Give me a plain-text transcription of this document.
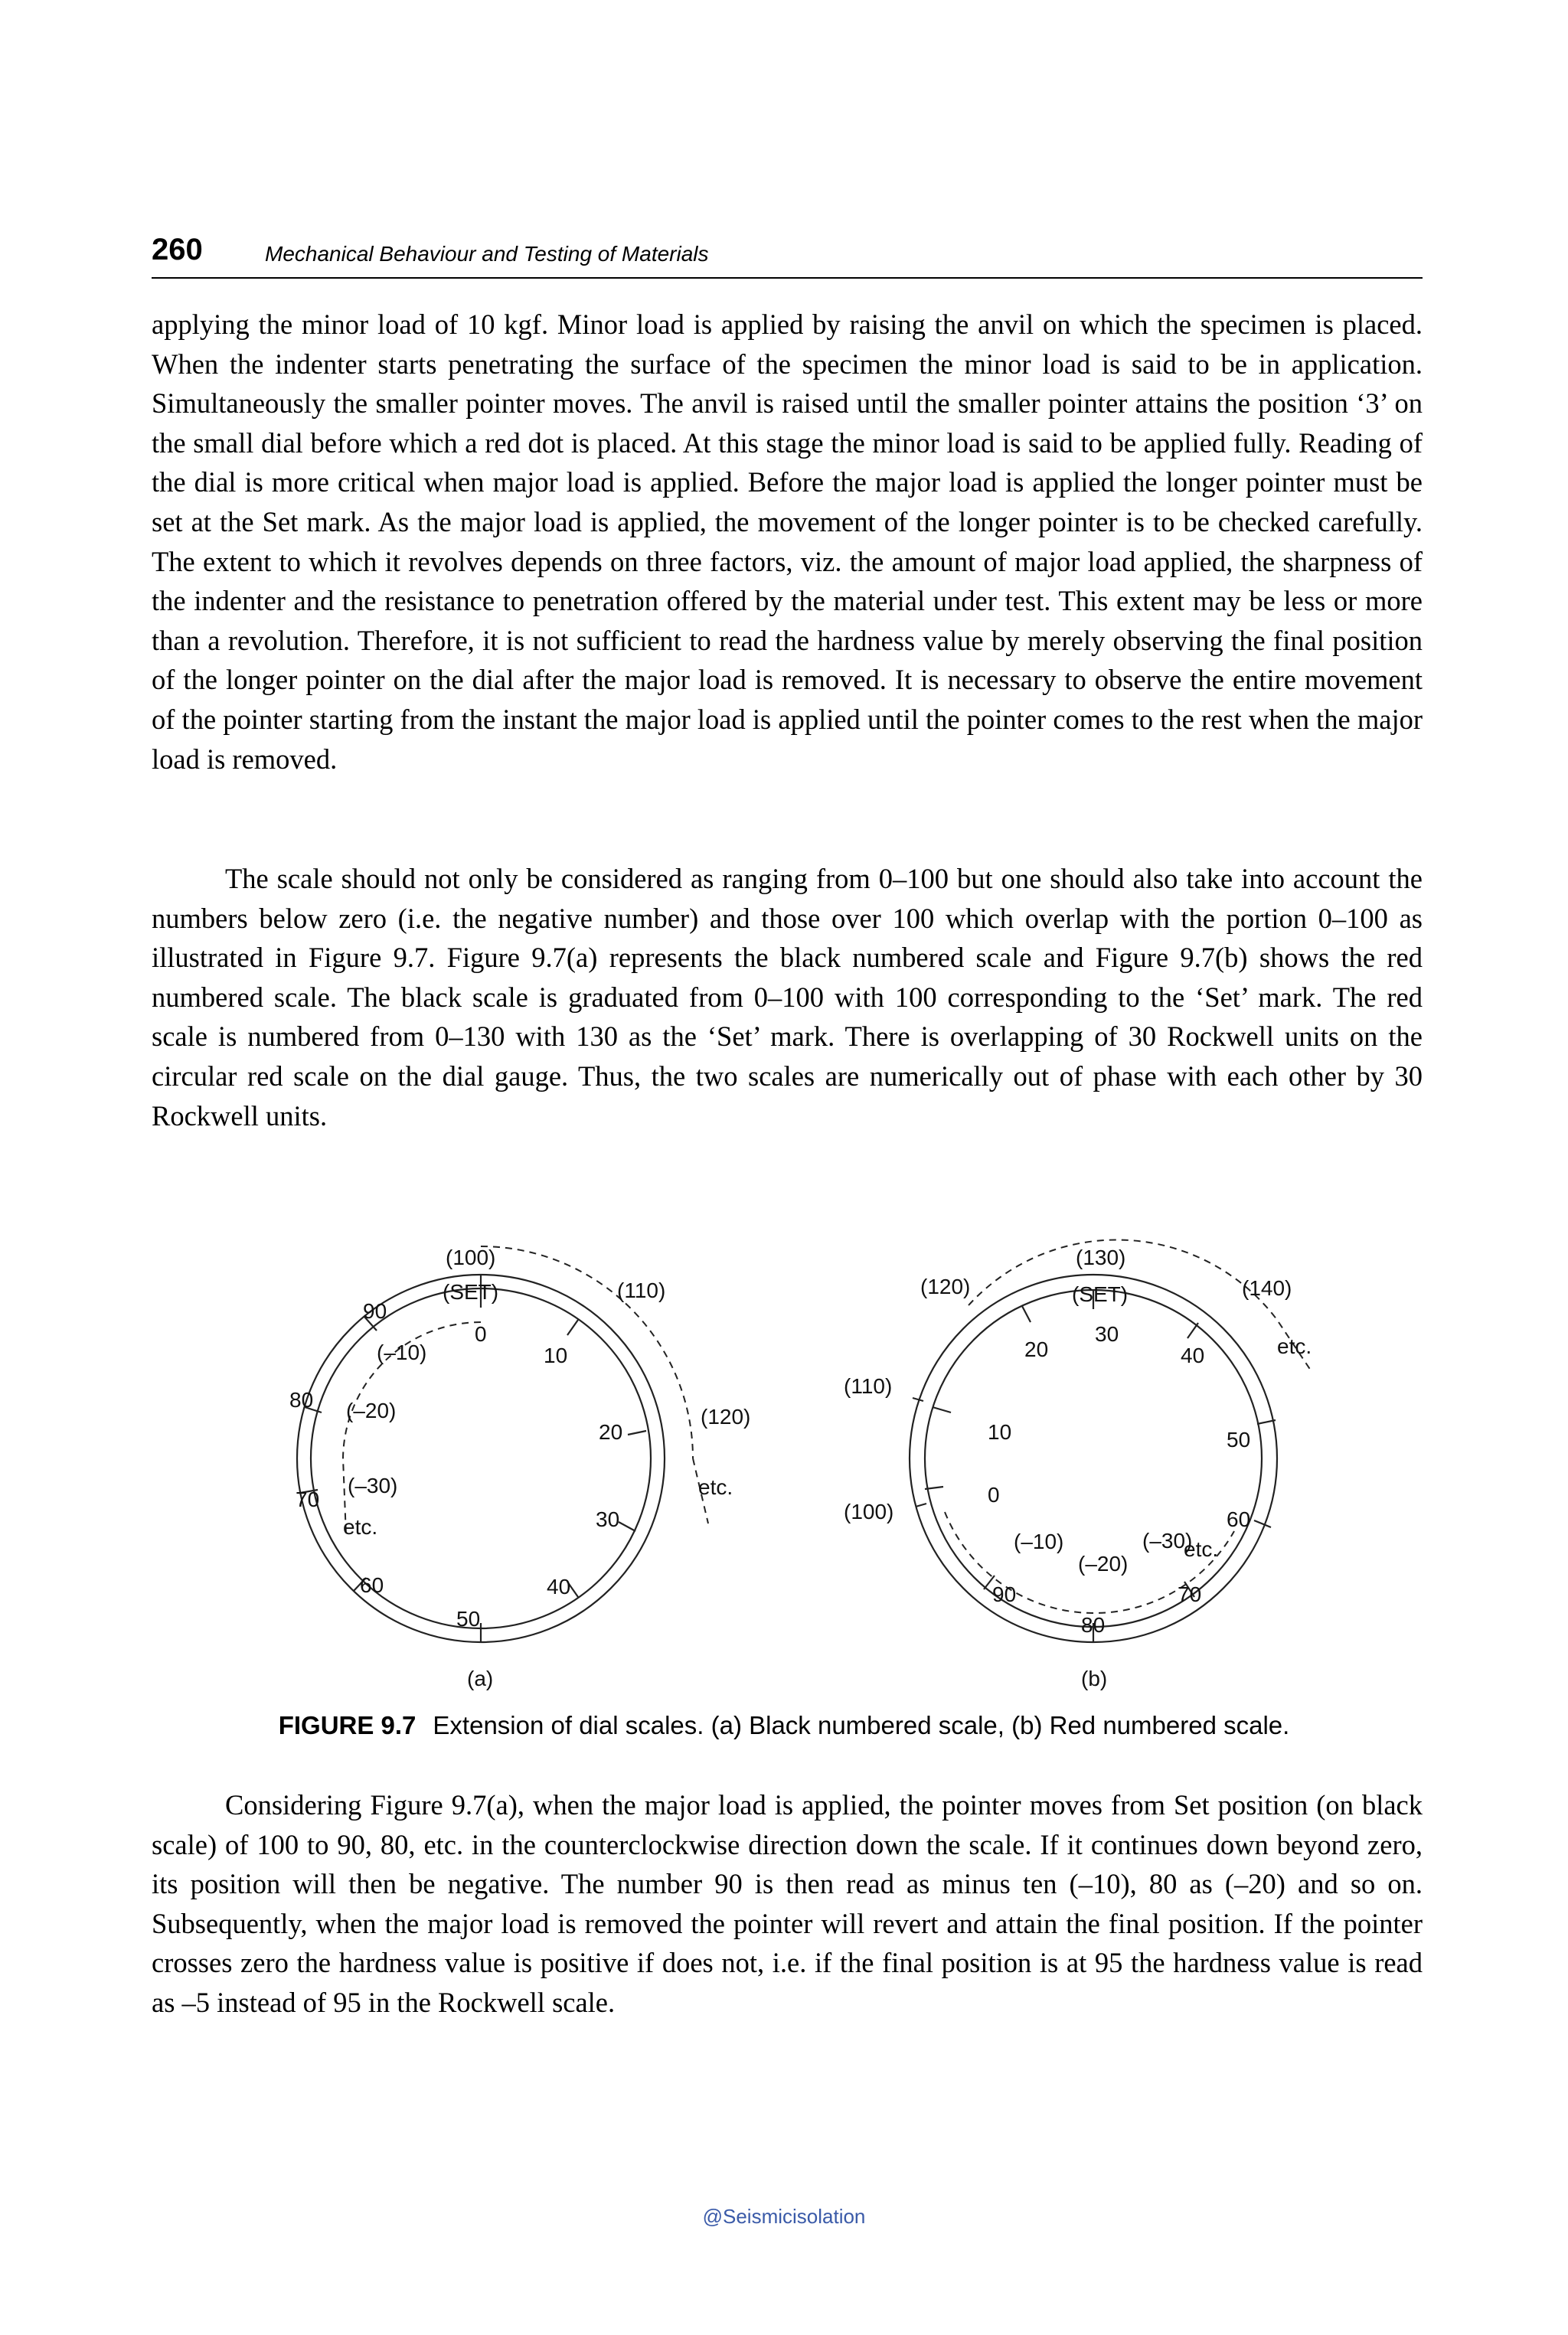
260	Mechanical Behaviour and Testing of Materials

applying the minor load of 10 kgf. Minor load is applied by raising the anvil on which the specimen is placed. When the indenter starts penetrating the surface of the specimen the minor load is said to be in application. Simultaneously the smaller pointer moves. The anvil is raised until the smaller pointer attains the position ‘3’ on the small dial before which a red dot is placed. At this stage the minor load is said to be applied fully. Reading of the dial is more critical when major load is applied. Before the major load is applied the longer pointer must be set at the Set mark. As the major load is applied, the movement of the longer pointer is to be checked carefully. The extent to which it revolves depends on three factors, viz. the amount of major load applied, the sharpness of the indenter and the resistance to penetration offered by the material under test. This extent may be less or more than a revolution. Therefore, it is not sufficient to read the hardness value by merely observing the final position of the longer pointer on the dial after the major load is removed. It is necessary to observe the entire movement of the pointer starting from the instant the major load is applied until the pointer comes to the rest when the major load is removed.

The scale should not only be considered as ranging from 0–100 but one should also take into account the numbers below zero (i.e. the negative number) and those over 100 which overlap with the portion 0–100 as illustrated in Figure 9.7. Figure 9.7(a) represents the black numbered scale and Figure 9.7(b) shows the red numbered scale. The black scale is graduated from 0–100 with 100 corresponding to the ‘Set’ mark. The red scale is numbered from 0–130 with 130 as the ‘Set’ mark. There is overlapping of 30 Rockwell units on the circular red scale on the dial gauge. Thus, the two scales are numerically out of phase with each other by 30 Rockwell units.

(100)
(SET)	(110)
(120)
etc.
90
80
70
60
50
40
30
20
10
0
(–10)
(–20)
(–30)
etc.
(a)
(130)
(SET)
(120)	(140)
etc.
(110)
(100)
30
20	40
10	50
0
60
(–10)
(–20)
(–30)
etc.
90	70
80
(b)
FIGURE 9.7 Extension of dial scales. (a) Black numbered scale, (b) Red numbered scale.

Considering Figure 9.7(a), when the major load is applied, the pointer moves from Set position (on black scale) of 100 to 90, 80, etc. in the counterclockwise direction down the scale. If it continues down beyond zero, its position will then be negative. The number 90 is then read as minus ten (–10), 80 as (–20) and so on. Subsequently, when the major load is removed the pointer will revert and attain the final position. If the pointer crosses zero the hardness value is positive if does not, i.e. if the final position is at 95 the hardness value is read as –5 instead of 95 in the Rockwell scale.

@Seismicisolation
